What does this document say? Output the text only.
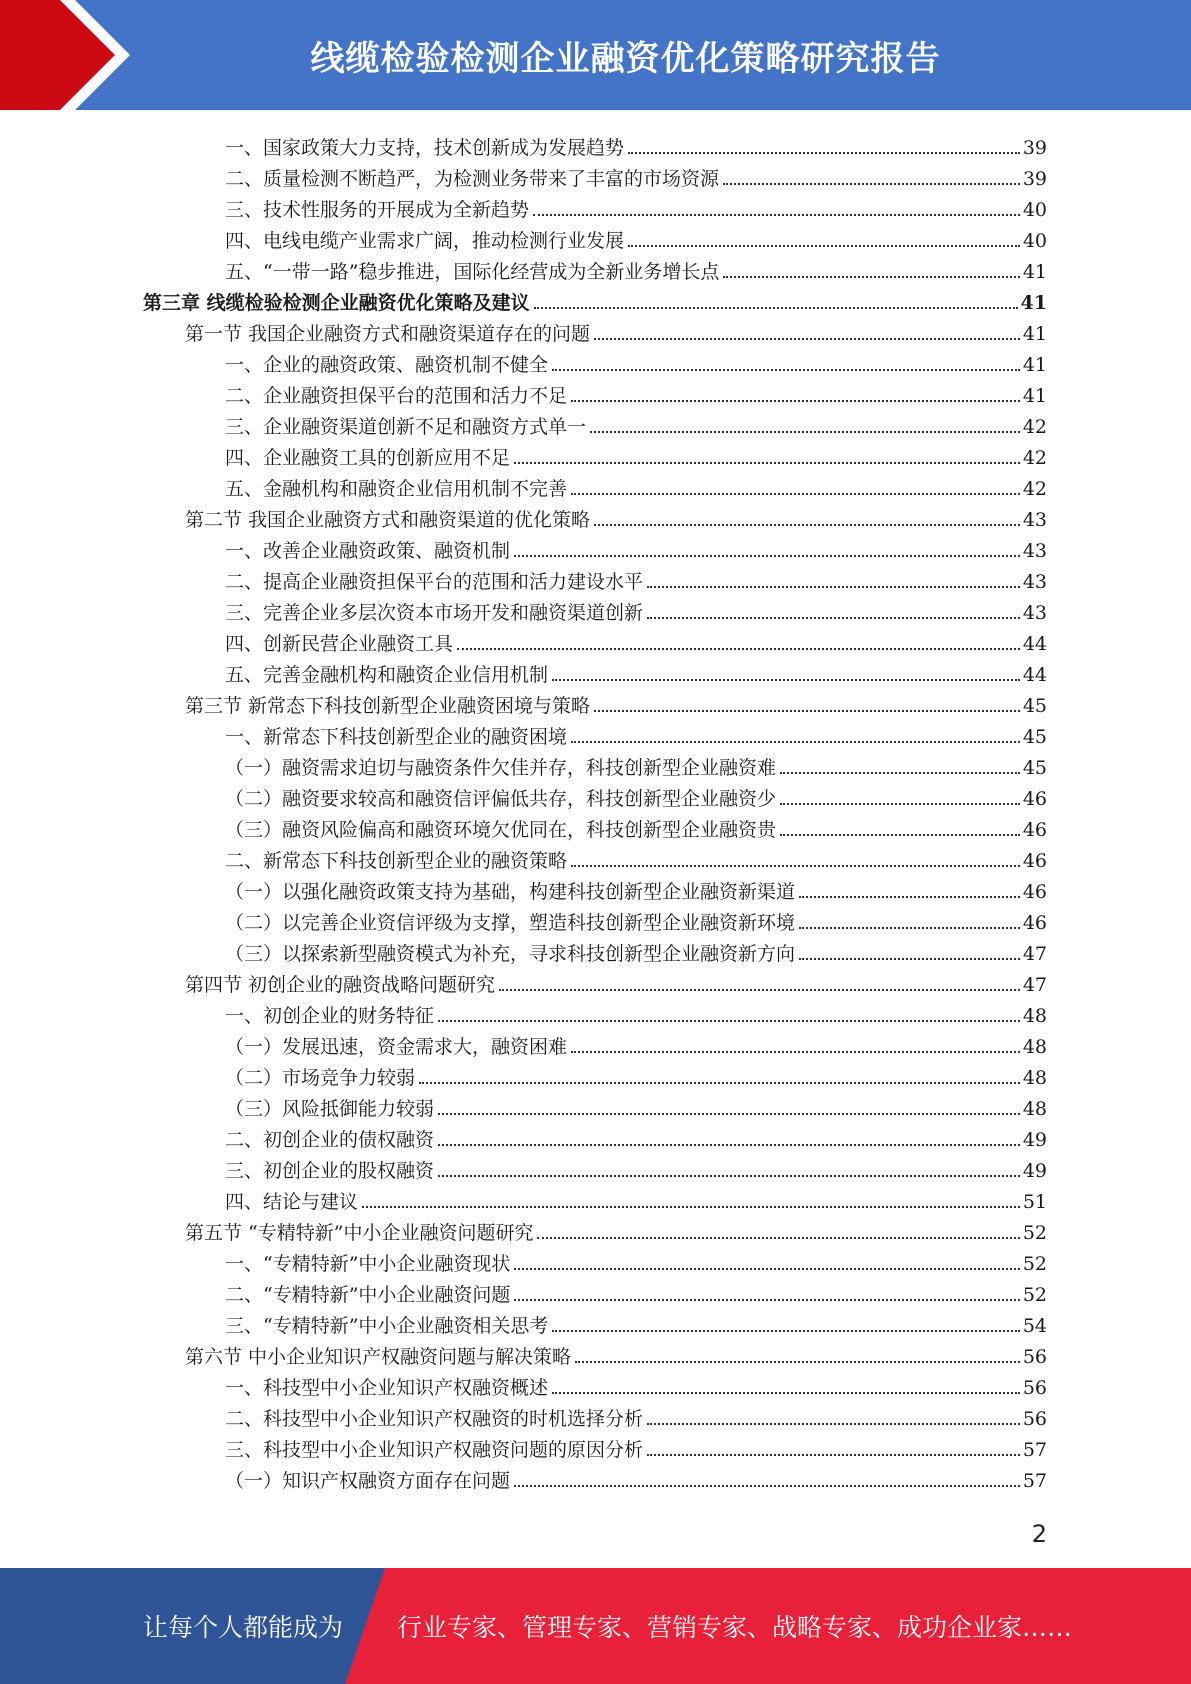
线缆检验检测企业融资优化策略研究报告
一、国家政策大力支持，技术创新成为发展趋势	39
二、质量检测不断趋严，为检测业务带来了丰富的市场资源	39
三、技术性服务的开展成为全新趋势	40
四、电线电缆产业需求广阔，推动检测行业发展	40
五、“一带一路”稳步推进，国际化经营成为全新业务增长点	41
第三章 线缆检验检测企业融资优化策略及建议	41
第一节 我国企业融资方式和融资渠道存在的问题	41
一、企业的融资政策、融资机制不健全	41
二、企业融资担保平台的范围和活力不足	41
三、企业融资渠道创新不足和融资方式单一	42
四、企业融资工具的创新应用不足	42
五、金融机构和融资企业信用机制不完善	42
第二节 我国企业融资方式和融资渠道的优化策略	43
一、改善企业融资政策、融资机制	43
二、提高企业融资担保平台的范围和活力建设水平	43
三、完善企业多层次资本市场开发和融资渠道创新	43
四、创新民营企业融资工具	44
五、完善金融机构和融资企业信用机制	44
第三节 新常态下科技创新型企业融资困境与策略	45
一、新常态下科技创新型企业的融资困境	45
（一）融资需求迫切与融资条件欠佳并存，科技创新型企业融资难	45
（二）融资要求较高和融资信评偏低共存，科技创新型企业融资少	46
（三）融资风险偏高和融资环境欠优同在，科技创新型企业融资贵	46
二、新常态下科技创新型企业的融资策略	46
（一）以强化融资政策支持为基础，构建科技创新型企业融资新渠道	46
（二）以完善企业资信评级为支撑，塑造科技创新型企业融资新环境	46
（三）以探索新型融资模式为补充，寻求科技创新型企业融资新方向	47
第四节 初创企业的融资战略问题研究	47
一、初创企业的财务特征	48
（一）发展迅速，资金需求大，融资困难	48
（二）市场竞争力较弱	48
（三）风险抵御能力较弱	48
二、初创企业的债权融资	49
三、初创企业的股权融资	49
四、结论与建议	51
第五节 “专精特新”中小企业融资问题研究	52
一、“专精特新”中小企业融资现状	52
二、“专精特新”中小企业融资问题	52
三、“专精特新”中小企业融资相关思考	54
第六节 中小企业知识产权融资问题与解决策略	56
一、科技型中小企业知识产权融资概述	56
二、科技型中小企业知识产权融资的时机选择分析	56
三、科技型中小企业知识产权融资问题的原因分析	57
（一）知识产权融资方面存在问题	57
2
让每个人都能成为 行业专家、管理专家、营销专家、战略专家、成功企业家……
